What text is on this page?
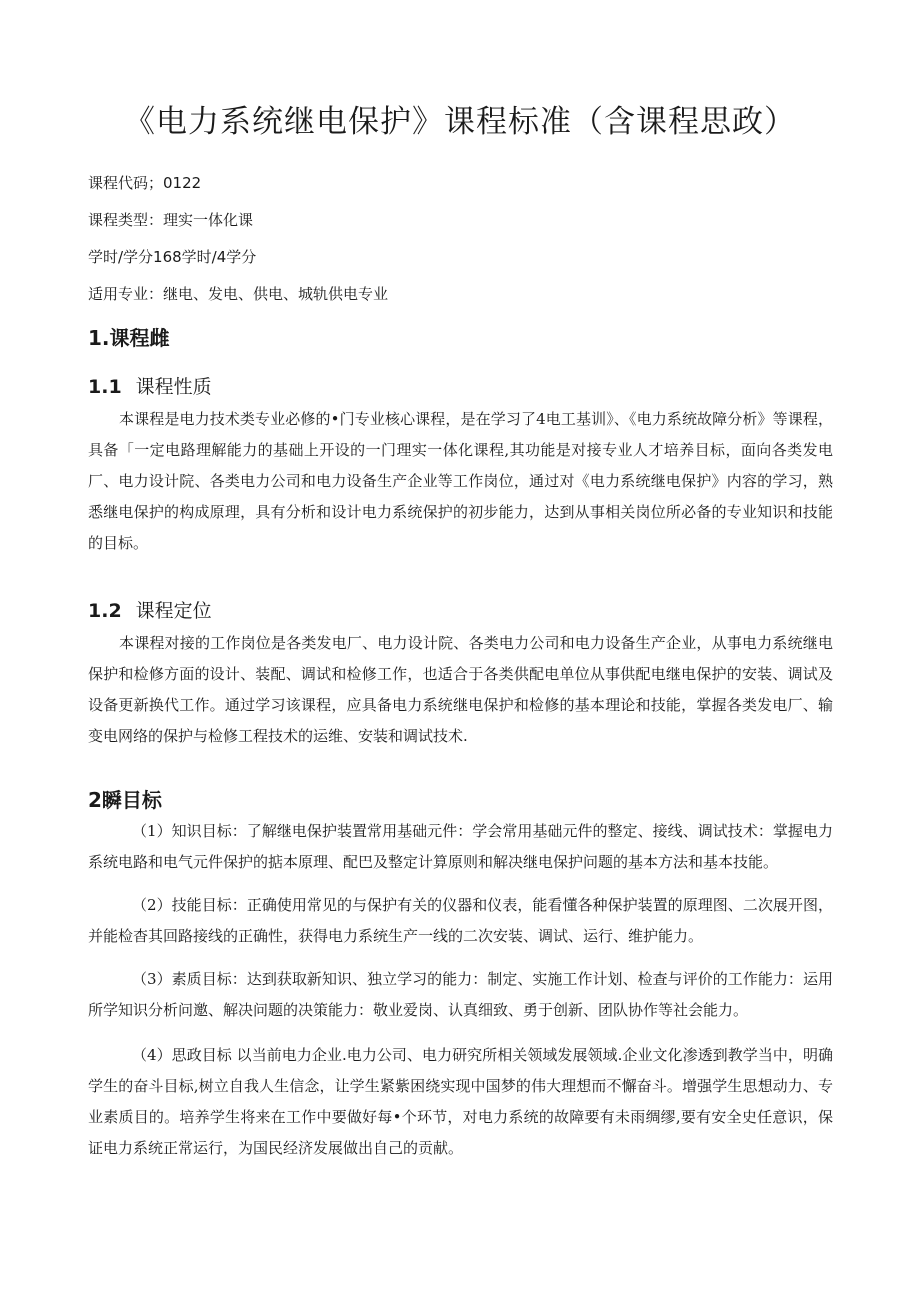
《电力系统继电保护》课程标准（含课程思政）

课程代码；0122

课程类型：理实一体化课

学时/学分168学时/4学分

适用专业：继电、发电、供电、城轨供电专业

1.课程雌
1.1 课程性质

本课程是电力技术类专业必修的•门专业核心课程，是在学习了4电工基训》、《电力系统故障分析》等课程，具备「一定电路理解能力的基础上开设的一门理实一体化课程,其功能是对接专业人才培养目标，面向各类发电厂、电力设计院、各类电力公司和电力设备生产企业等工作岗位，通过对《电力系统继电保护》内容的学习，熟悉继电保护的构成原理，具有分析和设计电力系统保护的初步能力，达到从事相关岗位所必备的专业知识和技能的目标。

1.2 课程定位

本课程对接的工作岗位是各类发电厂、电力设计院、各类电力公司和电力设备生产企业，从事电力系统继电保护和检修方面的设计、装配、调试和检修工作，也适合于各类供配电单位从事供配电继电保护的安装、调试及设备更新换代工作。通过学习该课程，应具备电力系统继电保护和检修的基本理论和技能，掌握各类发电厂、输变电网络的保护与检修工程技术的运维、安装和调试技术.

2瞬目标

（1）知识目标：了解继电保护装置常用基础元件：学会常用基础元件的整定、接线、调试技术：掌握电力系统电路和电气元件保护的掂本原理、配巴及整定计算原则和解决继电保护问题的基本方法和基本技能。

（2）技能目标：正确使用常见的与保护有关的仪器和仪表，能看懂各种保护装置的原理图、二次展开图，并能检杳其回路接线的正确性，获得电力系统生产一线的二次安装、调试、运行、维护能力。

（3）素质目标：达到获取新知识、独立学习的能力：制定、实施工作计划、检查与评价的工作能力：运用所学知识分析问邀、解决问题的决策能力：敬业爱岗、认真细致、勇于创新、团队协作等社会能力。

（4）思政目标 以当前电力企业.电力公司、电力研究所相关领域发展领域.企业文化渗透到教学当中，明确学生的奋斗目标,树立自我人生信念，让学生紧紫困绕实现中国梦的伟大理想而不懈奋斗。增强学生思想动力、专业素质目的。培养学生将来在工作中要做好每•个环节，对电力系统的故障要有未雨绸缪,要有安全史任意识，保证电力系统正常运行，为国民经济发展做出自己的贡献。
